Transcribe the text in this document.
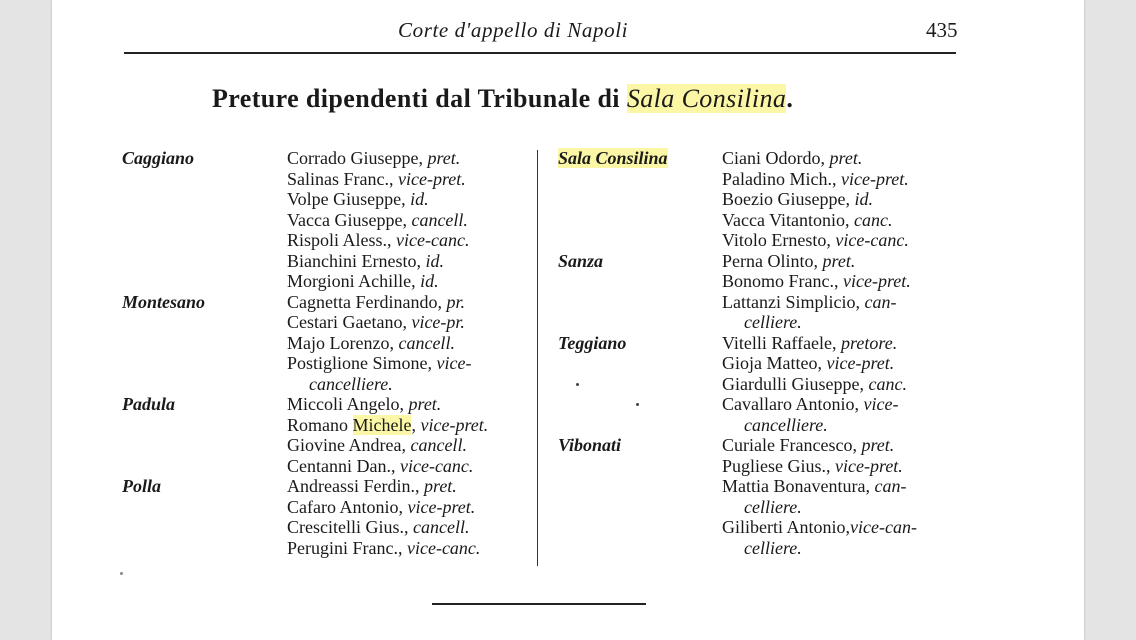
Corte d'appello di Napoli	435
Preture dipendenti dal Tribunale di Sala Consilina.
Caggiano
Montesano
Padula
Polla
Corrado Giuseppe, pret.
Salinas Franc., vice-pret.
Volpe Giuseppe, id.
Vacca Giuseppe, cancell.
Rispoli Aless., vice-canc.
Bianchini Ernesto, id.
Morgioni Achille, id.
Cagnetta Ferdinando, pr.
Cestari Gaetano, vice-pr.
Majo Lorenzo, cancell.
Postiglione Simone, vice-
cancelliere.
Miccoli Angelo, pret.
Romano Michele, vice-pret.
Giovine Andrea, cancell.
Centanni Dan., vice-canc.
Andreassi Ferdin., pret.
Cafaro Antonio, vice-pret.
Crescitelli Gius., cancell.
Perugini Franc., vice-canc.
Sala Consilina
Sanza
Teggiano
Vibonati
Ciani Odordo, pret.
Paladino Mich., vice-pret.
Boezio Giuseppe, id.
Vacca Vitantonio, canc.
Vitolo Ernesto, vice-canc.
Perna Olinto, pret.
Bonomo Franc., vice-pret.
Lattanzi Simplicio, can-
celliere.
Vitelli Raffaele, pretore.
Gioja Matteo, vice-pret.
Giardulli Giuseppe, canc.
Cavallaro Antonio, vice-
cancelliere.
Curiale Francesco, pret.
Pugliese Gius., vice-pret.
Mattia Bonaventura, can-
celliere.
Giliberti Antonio,vice-can-
celliere.
